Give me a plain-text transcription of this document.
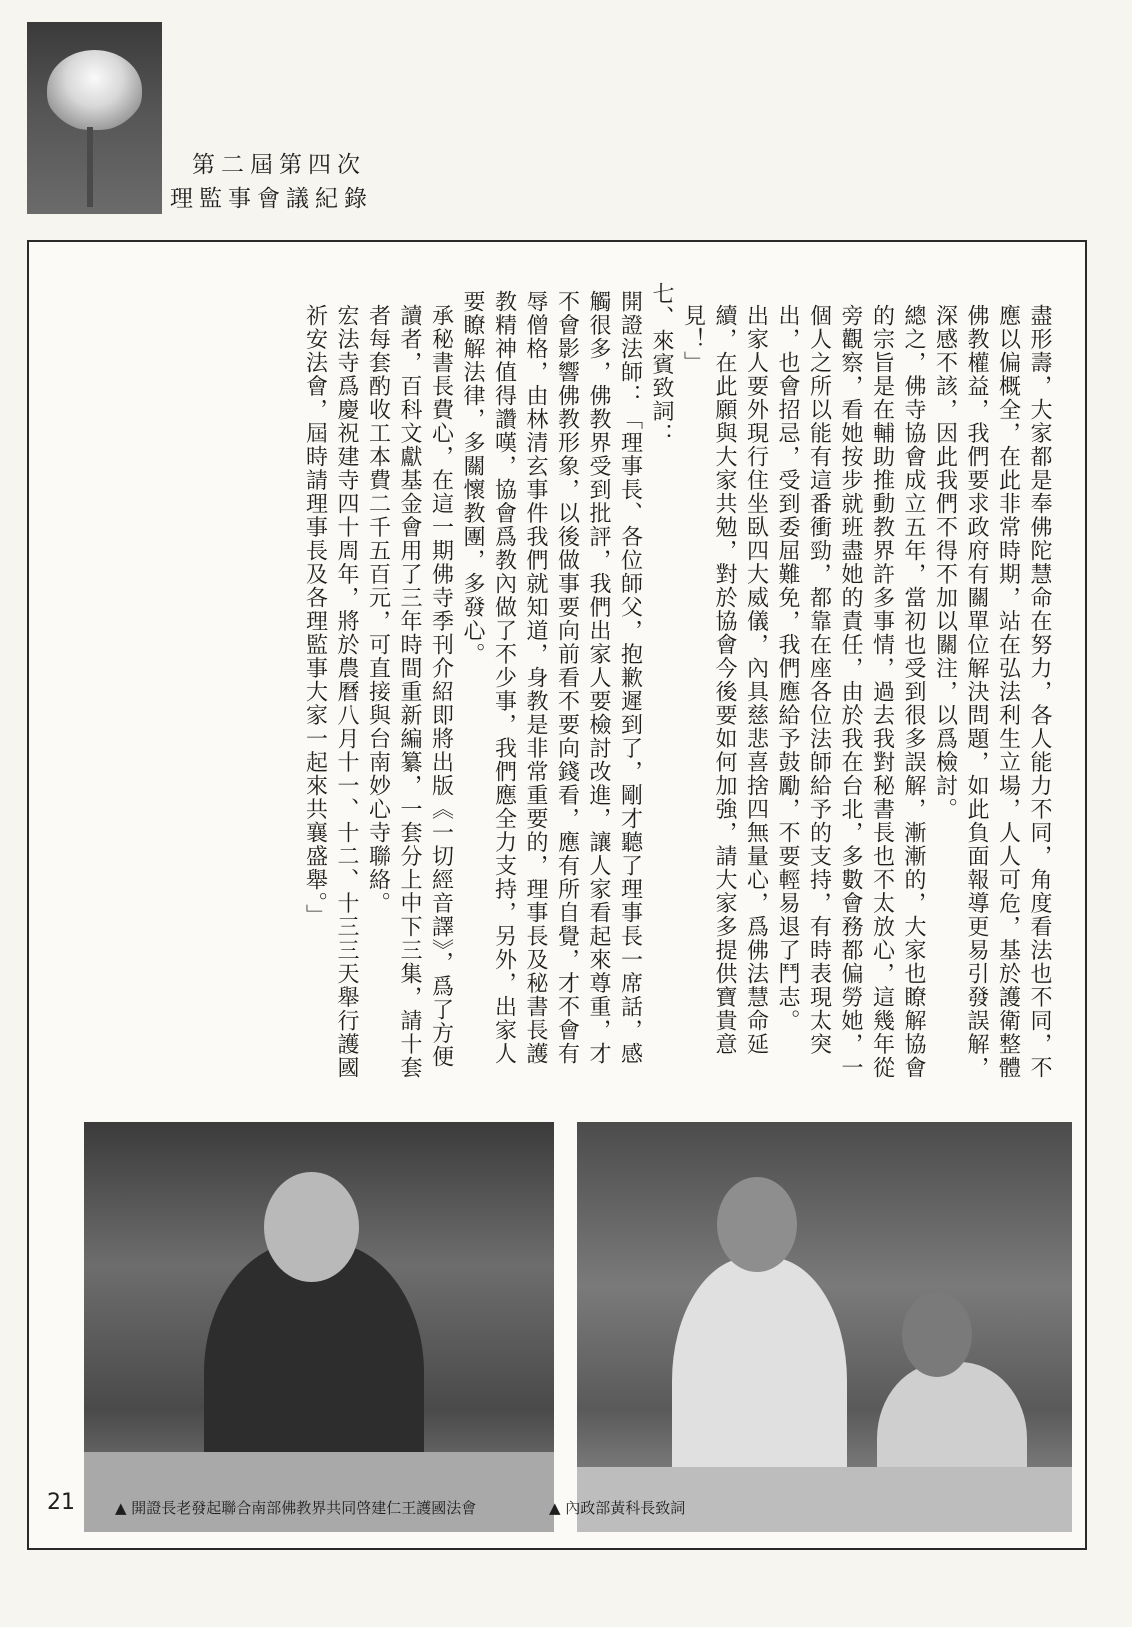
第二屆第四次
理監事會議紀錄

盡形壽，大家都是奉佛陀慧命在努力，各人能力不同，角度看法也不同，不應以偏概全，在此非常時期，站在弘法利生立場，人人可危，基於護衛整體佛教權益，我們要求政府有關單位解決問題，如此負面報導更易引發誤解，深感不該，因此我們不得不加以關注，以爲檢討。

總之，佛寺協會成立五年，當初也受到很多誤解，漸漸的，大家也瞭解協會的宗旨是在輔助推動教界許多事情，過去我對秘書長也不太放心，這幾年從旁觀察，看她按步就班盡她的責任，由於我在台北，多數會務都偏勞她，一個人之所以能有這番衝勁，都靠在座各位法師給予的支持，有時表現太突出，也會招忌，受到委屈難免，我們應給予鼓勵，不要輕易退了鬥志。

出家人要外現行住坐臥四大威儀，內具慈悲喜捨四無量心，爲佛法慧命延續，在此願與大家共勉，對於協會今後要如何加強，請大家多提供寶貴意見！」

七、來賓致詞：

開證法師：「理事長、各位師父，抱歉遲到了，剛才聽了理事長一席話，感觸很多，佛教界受到批評，我們出家人要檢討改進，讓人家看起來尊重，才不會影響佛教形象，以後做事要向前看不要向錢看，應有所自覺，才不會有辱僧格，由林清玄事件我們就知道，身教是非常重要的，理事長及秘書長護教精神值得讚嘆，協會爲教內做了不少事，我們應全力支持，另外，出家人要瞭解法律，多關懷教團，多發心。

承秘書長費心，在這一期佛寺季刊介紹即將出版《一切經音譯》，爲了方便讀者，百科文獻基金會用了三年時間重新編纂，一套分上中下三集，請十套者每套酌收工本費二千五百元，可直接與台南妙心寺聯絡。

宏法寺爲慶祝建寺四十周年，將於農曆八月十一、十二、十三三天舉行護國祈安法會，屆時請理事長及各理監事大家一起來共襄盛舉。」

21	▲ 開證長老發起聯合南部佛教界共同啓建仁王護國法會	▲ 內政部黃科長致詞
